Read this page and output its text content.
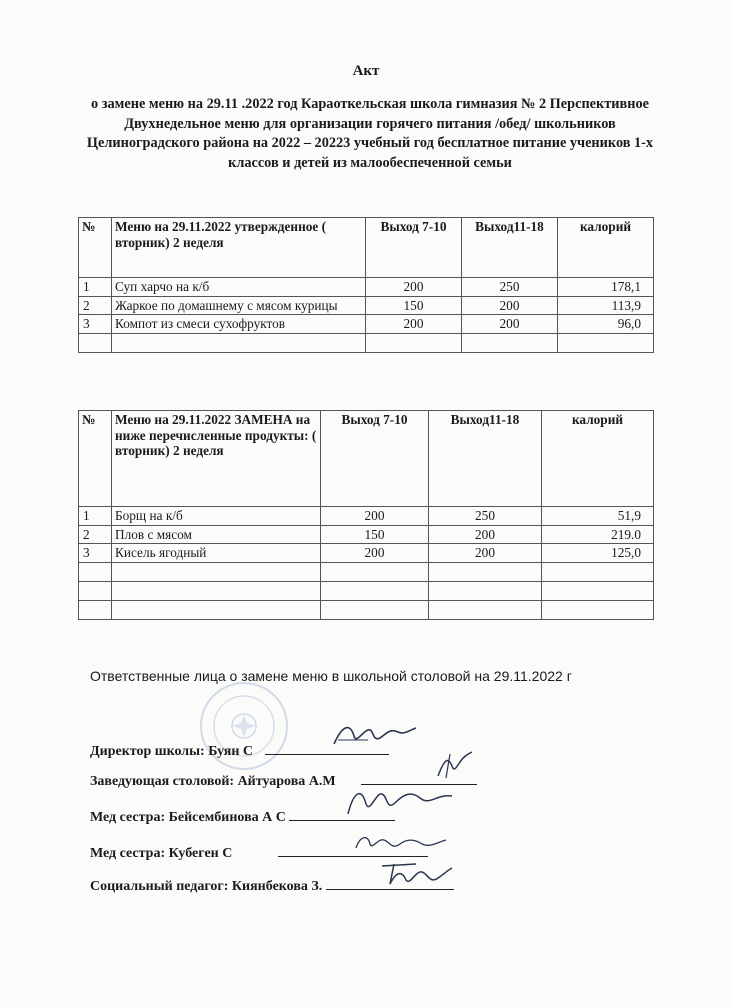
Акт
о замене меню на 29.11 .2022 год Караоткельская школа гимназия № 2 Перспективное Двухнедельное меню для организации горячего питания /обед/ школьников Целиноградского района на 2022 – 20223 учебный год бесплатное питание учеников 1-х классов и детей из малообеспеченной семьи
№	Меню на 29.11.2022 утвержденное ( вторник) 2 неделя	Выход 7-10	Выход11-18	калорий
1	Суп харчо на к/б	200	250	178,1
2	Жаркое по домашнему с мясом курицы	150	200	113,9
3	Компот из смеси сухофруктов	200	200	96,0

№	Меню на 29.11.2022 ЗАМЕНА на ниже перечисленные продукты: ( вторник) 2 неделя	Выход 7-10	Выход11-18	калорий
1	Борщ на к/б	200	250	51,9
2	Плов с мясом	150	200	219.0
3	Кисель ягодный	200	200	125,0

Ответственные лица о замене меню в школьной столовой на 29.11.2022 г
Директор школы: Буян С
Заведующая столовой: Айтуарова А.М
Мед сестра: Бейсембинова А С
Мед сестра: Кубеген С
Социальный педагог: Киянбекова З.
